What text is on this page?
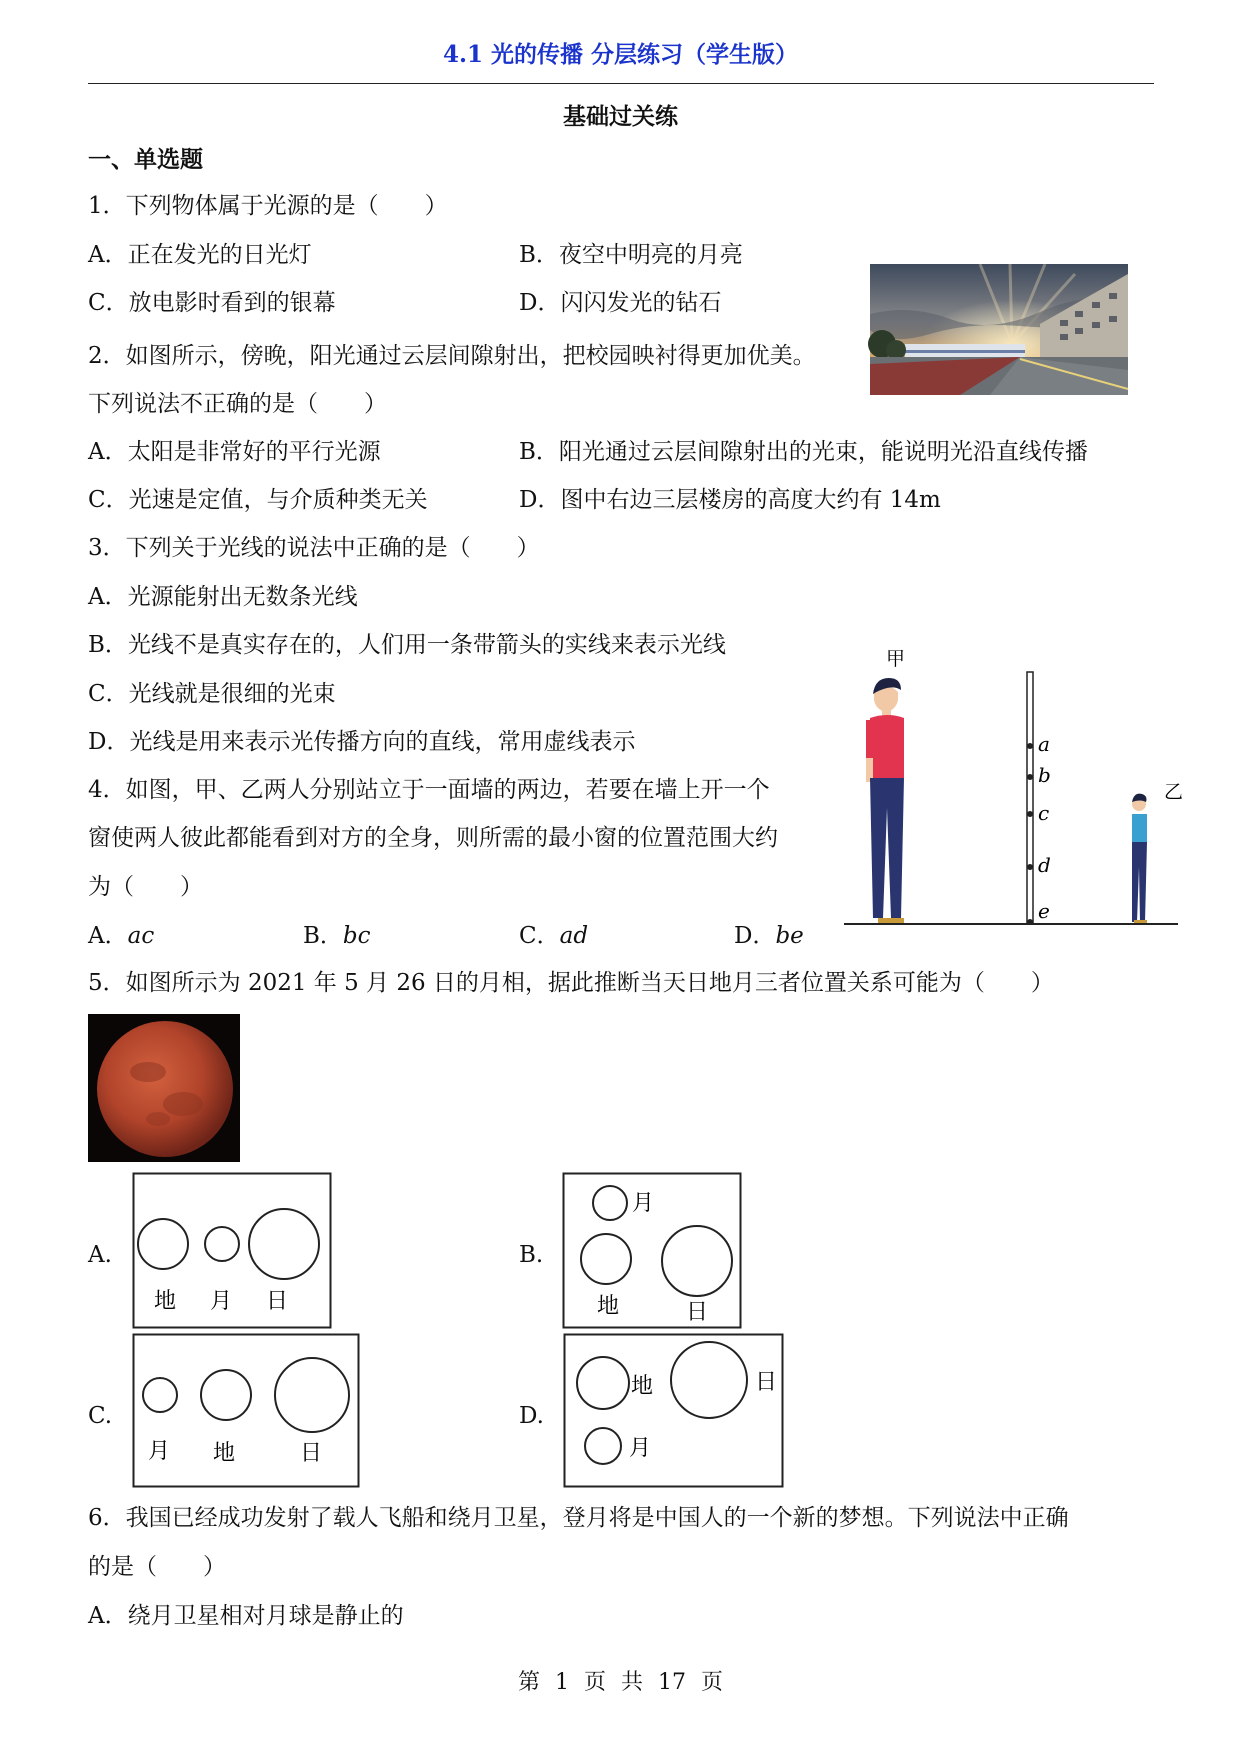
4.1 光的传播 分层练习（学生版）
基础过关练
一、单选题
1．下列物体属于光源的是（　　）
A．正在发光的日光灯	B．夜空中明亮的月亮
C．放电影时看到的银幕	D．闪闪发光的钻石
2．如图所示，傍晚，阳光通过云层间隙射出，把校园映衬得更加优美。
下列说法不正确的是（　　）
A．太阳是非常好的平行光源	B．阳光通过云层间隙射出的光束，能说明光沿直线传播
C．光速是定值，与介质种类无关	D．图中右边三层楼房的高度大约有 14m
3．下列关于光线的说法中正确的是（　　）
A．光源能射出无数条光线
B．光线不是真实存在的，人们用一条带箭头的实线来表示光线
C．光线就是很细的光束
D．光线是用来表示光传播方向的直线，常用虚线表示
甲
乙
a
b
c
d
e
4．如图，甲、乙两人分别站立于一面墙的两边，若要在墙上开一个
窗使两人彼此都能看到对方的全身，则所需的最小窗的位置范围大约
为（　　）
A．ac	B．bc	C．ad	D．be
5．如图所示为 2021 年 5 月 26 日的月相，据此推断当天日地月三者位置关系可能为（　　）
A.
地 月 日
B.
月
地	日
C.
月 地	日
D.
地	日
月
6．我国已经成功发射了载人飞船和绕月卫星，登月将是中国人的一个新的梦想。下列说法中正确
的是（　　）
A．绕月卫星相对月球是静止的
第 1 页 共 17 页
